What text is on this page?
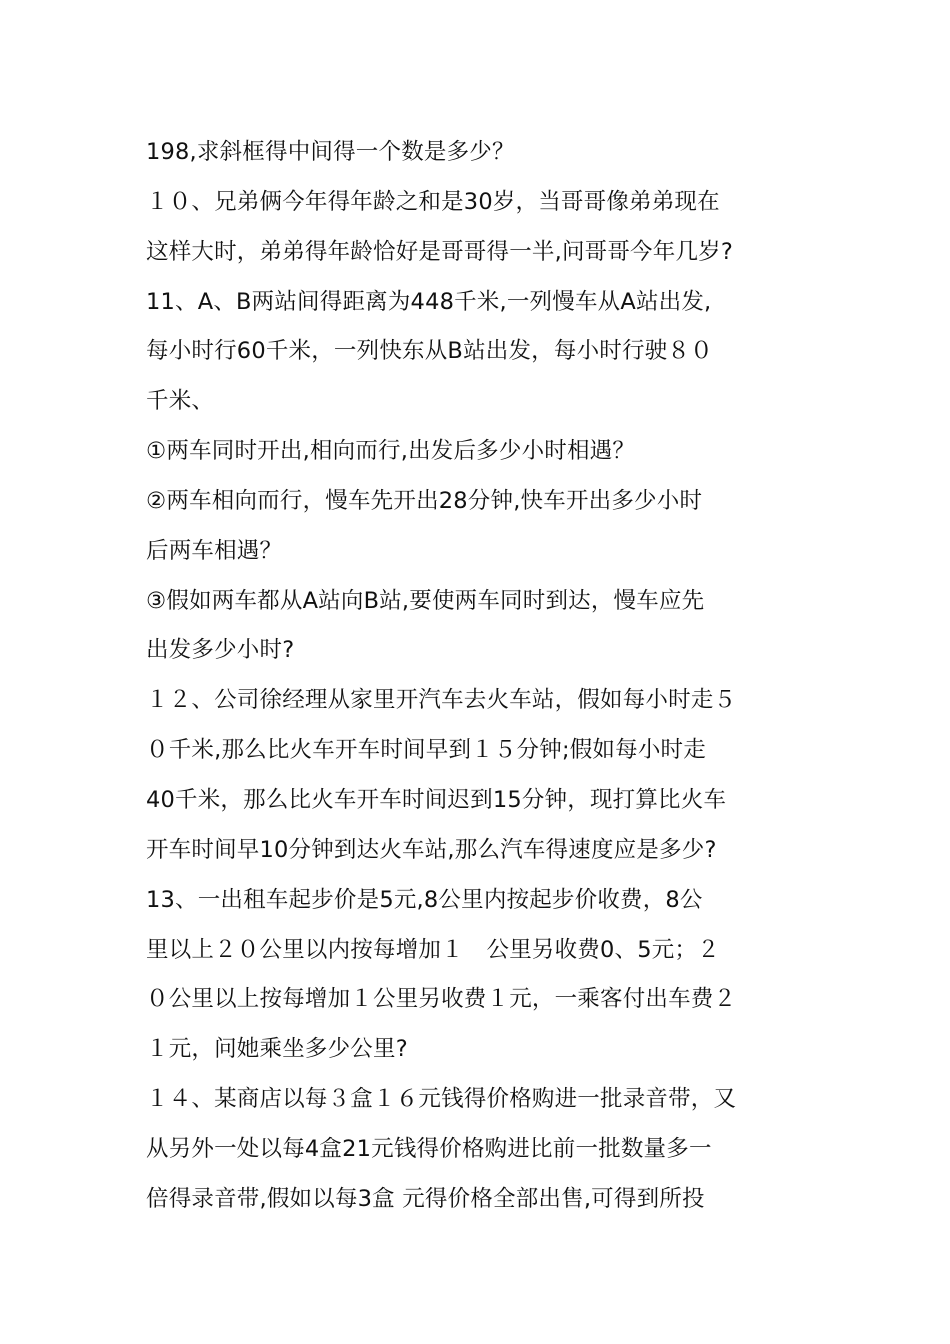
198,求斜框得中间得一个数是多少？
１０、兄弟俩今年得年龄之和是30岁，当哥哥像弟弟现在
这样大时，弟弟得年龄恰好是哥哥得一半,问哥哥今年几岁?
11、A、B两站间得距离为448千米,一列慢车从A站出发,
每小时行60千米，一列快东从B站出发，每小时行驶８０
千米、
①两车同时开出,相向而行,出发后多少小时相遇？
②两车相向而行，慢车先开出28分钟,快车开出多少小时
后两车相遇？
③假如两车都从A站向B站,要使两车同时到达，慢车应先
出发多少小时?
１２、公司徐经理从家里开汽车去火车站，假如每小时走５
０千米,那么比火车开车时间早到１５分钟;假如每小时走
40千米，那么比火车开车时间迟到15分钟，现打算比火车
开车时间早10分钟到达火车站,那么汽车得速度应是多少?
13、一出租车起步价是5元,8公里内按起步价收费，8公
里以上２０公里以内按每增加１　公里另收费0、5元；２
０公里以上按每增加１公里另收费１元，一乘客付出车费２
１元，问她乘坐多少公里?
１４、某商店以每３盒１６元钱得价格购进一批录音带，又
从另外一处以每4盒21元钱得价格购进比前一批数量多一
倍得录音带,假如以每3盒 元得价格全部出售,可得到所投
